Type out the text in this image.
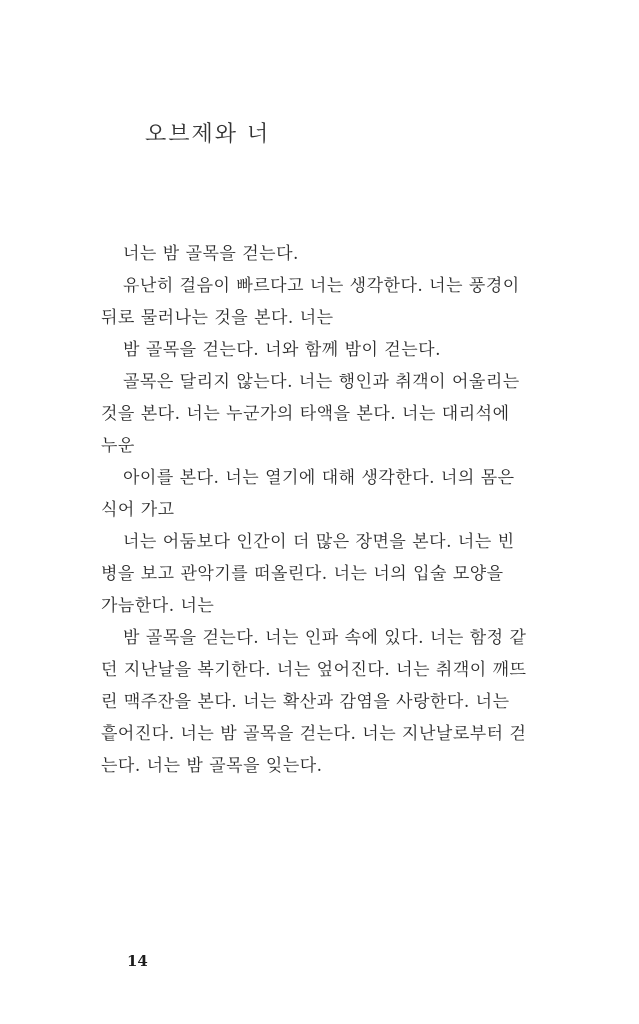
오브제와 너
너는 밤 골목을 걷는다.
유난히 걸음이 빠르다고 너는 생각한다. 너는 풍경이
뒤로 물러나는 것을 본다. 너는
밤 골목을 걷는다. 너와 함께 밤이 걷는다.
골목은 달리지 않는다. 너는 행인과 취객이 어울리는
것을 본다. 너는 누군가의 타액을 본다. 너는 대리석에
누운
아이를 본다. 너는 열기에 대해 생각한다. 너의 몸은
식어 가고
너는 어둠보다 인간이 더 많은 장면을 본다. 너는 빈
병을 보고 관악기를 떠올린다. 너는 너의 입술 모양을
가늠한다. 너는
밤 골목을 걷는다. 너는 인파 속에 있다. 너는 함정 같
던 지난날을 복기한다. 너는 엎어진다. 너는 취객이 깨뜨
린 맥주잔을 본다. 너는 확산과 감염을 사랑한다. 너는
흩어진다. 너는 밤 골목을 걷는다. 너는 지난날로부터 걷
는다. 너는 밤 골목을 잊는다.
14
